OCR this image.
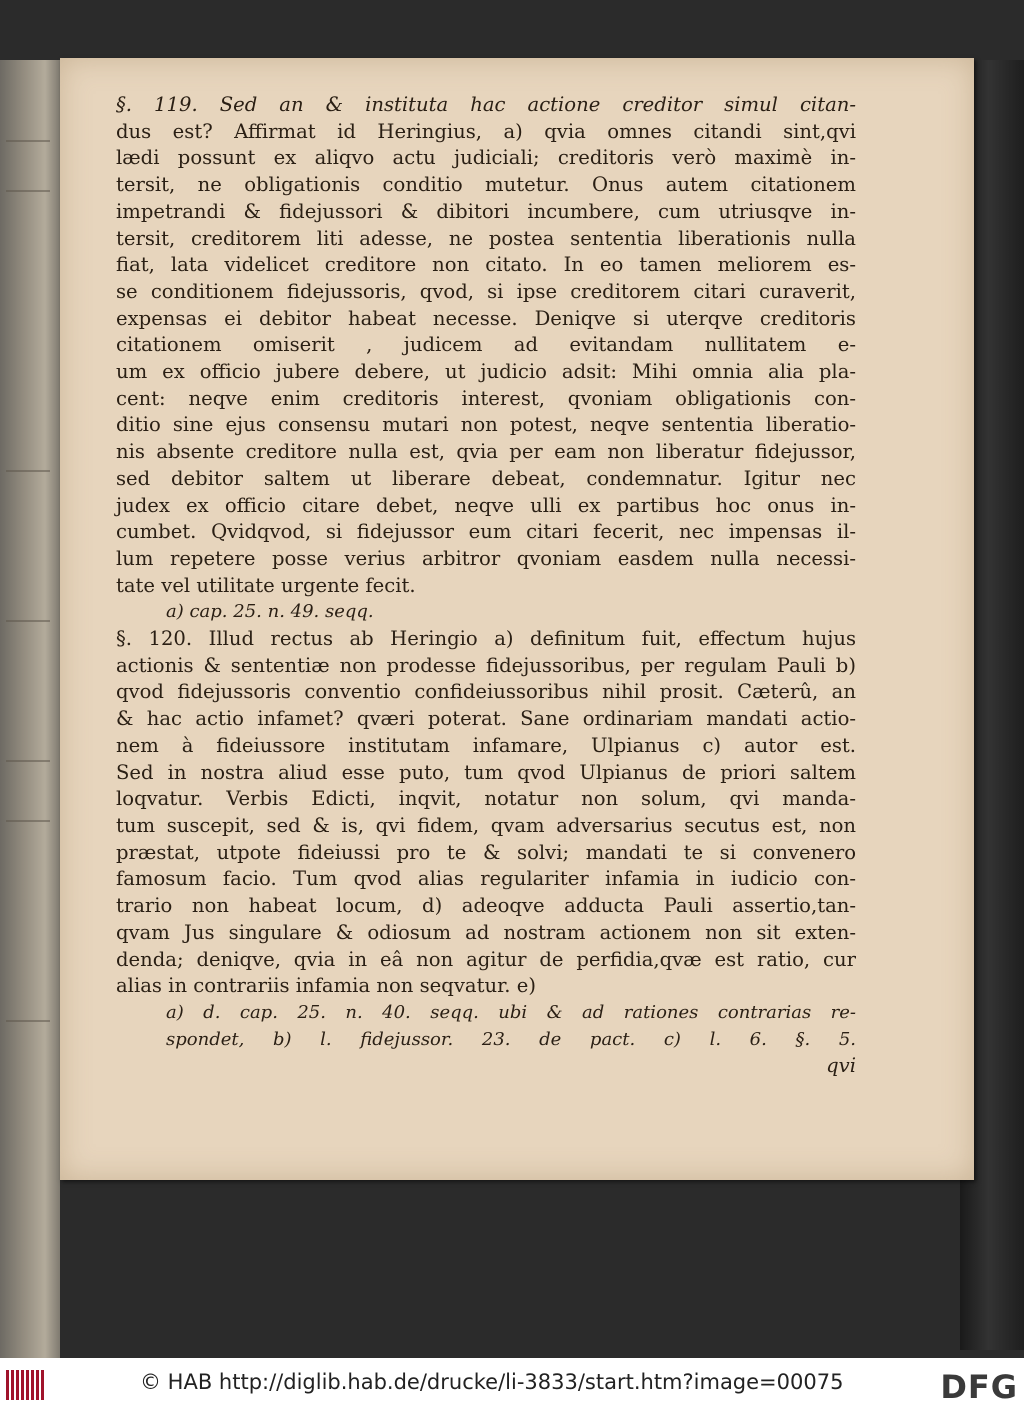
§. 119. Sed an & instituta hac actione creditor simul citan-
dus est? Affirmat id Heringius, a) qvia omnes citandi sint,qvi
lædi possunt ex aliqvo actu judiciali; creditoris verò maximè in-
tersit, ne obligationis conditio mutetur. Onus autem citationem
impetrandi & fidejussori & dibitori incumbere, cum utriusqve in-
tersit, creditorem liti adesse, ne postea sententia liberationis nulla
fiat, lata videlicet creditore non citato. In eo tamen meliorem es-
se conditionem fidejussoris, qvod, si ipse creditorem citari curaverit,
expensas ei debitor habeat necesse. Deniqve si uterqve creditoris
citationem omiserit , judicem ad evitandam nullitatem e-
um ex officio jubere debere, ut judicio adsit: Mihi omnia alia pla-
cent: neqve enim creditoris interest, qvoniam obligationis con-
ditio sine ejus consensu mutari non potest, neqve sententia liberatio-
nis absente creditore nulla est, qvia per eam non liberatur fidejussor,
sed debitor saltem ut liberare debeat, condemnatur. Igitur nec
judex ex officio citare debet, neqve ulli ex partibus hoc onus in-
cumbet. Qvidqvod, si fidejussor eum citari fecerit, nec impensas il-
lum repetere posse verius arbitror qvoniam easdem nulla necessi-
tate vel utilitate urgente fecit.
a) cap. 25. n. 49. seqq.
§. 120. Illud rectus ab Heringio a) definitum fuit, effectum hujus
actionis & sententiæ non prodesse fidejussoribus, per regulam Pauli b)
qvod fidejussoris conventio confideiussoribus nihil prosit. Cæterû, an
& hac actio infamet? qværi poterat. Sane ordinariam mandati actio-
nem à fideiussore institutam infamare, Ulpianus c) autor est.
Sed in nostra aliud esse puto, tum qvod Ulpianus de priori saltem
loqvatur. Verbis Edicti, inqvit, notatur non solum, qvi manda-
tum suscepit, sed & is, qvi fidem, qvam adversarius secutus est, non
præstat, utpote fideiussi pro te & solvi; mandati te si convenero
famosum facio. Tum qvod alias regulariter infamia in iudicio con-
trario non habeat locum, d) adeoqve adducta Pauli assertio,tan-
qvam Jus singulare & odiosum ad nostram actionem non sit exten-
denda; deniqve, qvia in eâ non agitur de perfidia,qvæ est ratio, cur
alias in contrariis infamia non seqvatur. e)
a) d. cap. 25. n. 40. seqq. ubi & ad rationes contrarias re-
spondet, b) l. fidejussor. 23. de pact. c) l. 6. §. 5.
qvi
© HAB http://diglib.hab.de/drucke/li-3833/start.htm?image=00075	DFG
